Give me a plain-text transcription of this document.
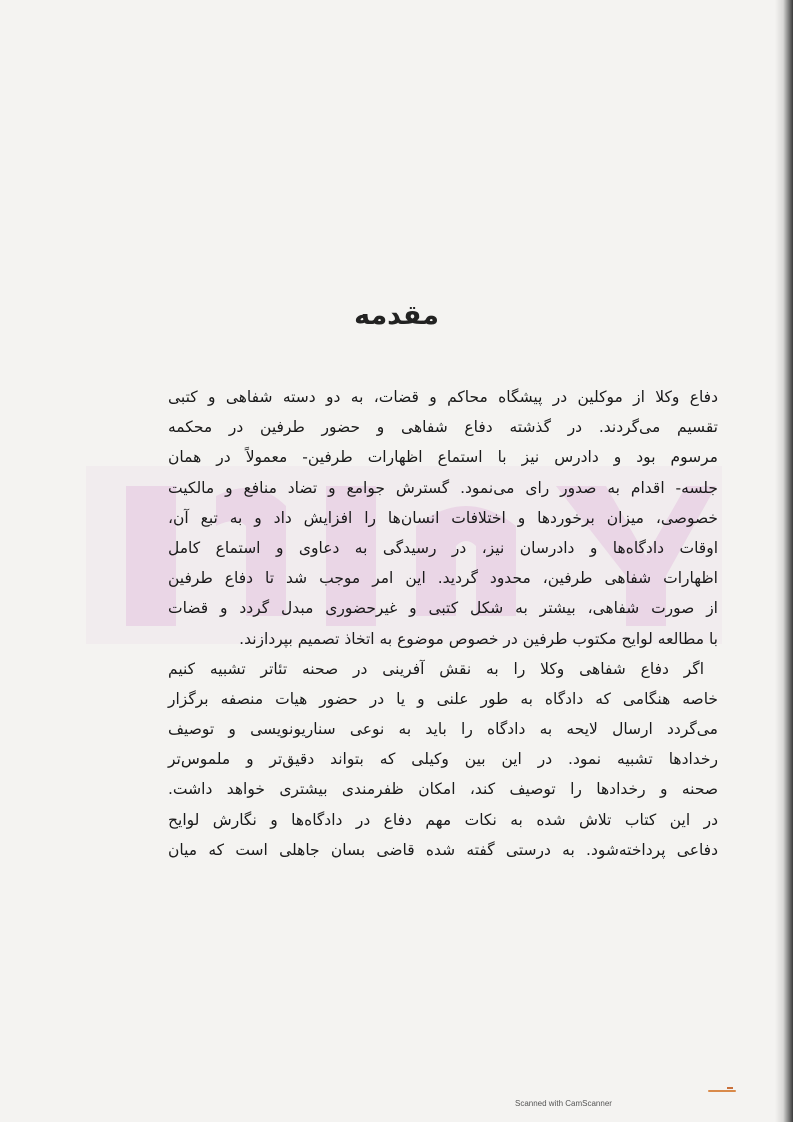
مقدمه
دفاع وکلا از موکلین در پیشگاه محاکم و قضات، به دو دسته شفاهی و کتبی
تقسیم می‌گردند. در گذشته دفاع شفاهی و حضور طرفین در محکمه
مرسوم بود و دادرس نیز با استماع اظهارات طرفین- معمولاً در همان
جلسه- اقدام به صدور رای می‌نمود. گسترش جوامع و تضاد منافع و مالکیت
خصوصی، میزان برخوردها و اختلافات انسان‌ها را افزایش داد و به تبع آن،
اوقات دادگاه‌ها و دادرسان نیز، در رسیدگی به دعاوی و استماع کامل
اظهارات شفاهی طرفین، محدود گردید. این امر موجب شد تا دفاع طرفین
از صورت شفاهی، بیشتر به شکل کتبی و غیرحضوری مبدل گردد و قضات
با مطالعه لوایح مکتوب طرفین در خصوص موضوع به اتخاذ تصمیم بپردازند.
اگر دفاع شفاهی وکلا را به نقش آفرینی در صحنه تئاتر تشبیه کنیم
خاصه هنگامی که دادگاه به طور علنی و یا در حضور هیات منصفه برگزار
می‌گردد ارسال لایحه به دادگاه را باید به نوعی سناریونویسی و توصیف
رخدادها تشبیه نمود. در این بین وکیلی که بتواند دقیق‌تر و ملموس‌تر
صحنه و رخدادها را توصیف کند، امکان ظفرمندی بیشتری خواهد داشت.
در این کتاب تلاش شده به نکات مهم دفاع در دادگاه‌ها و نگارش لوایح
دفاعی پرداخته‌شود. به درستی گفته شده قاضی بسان جاهلی است که میان
Scanned with CamScanner
